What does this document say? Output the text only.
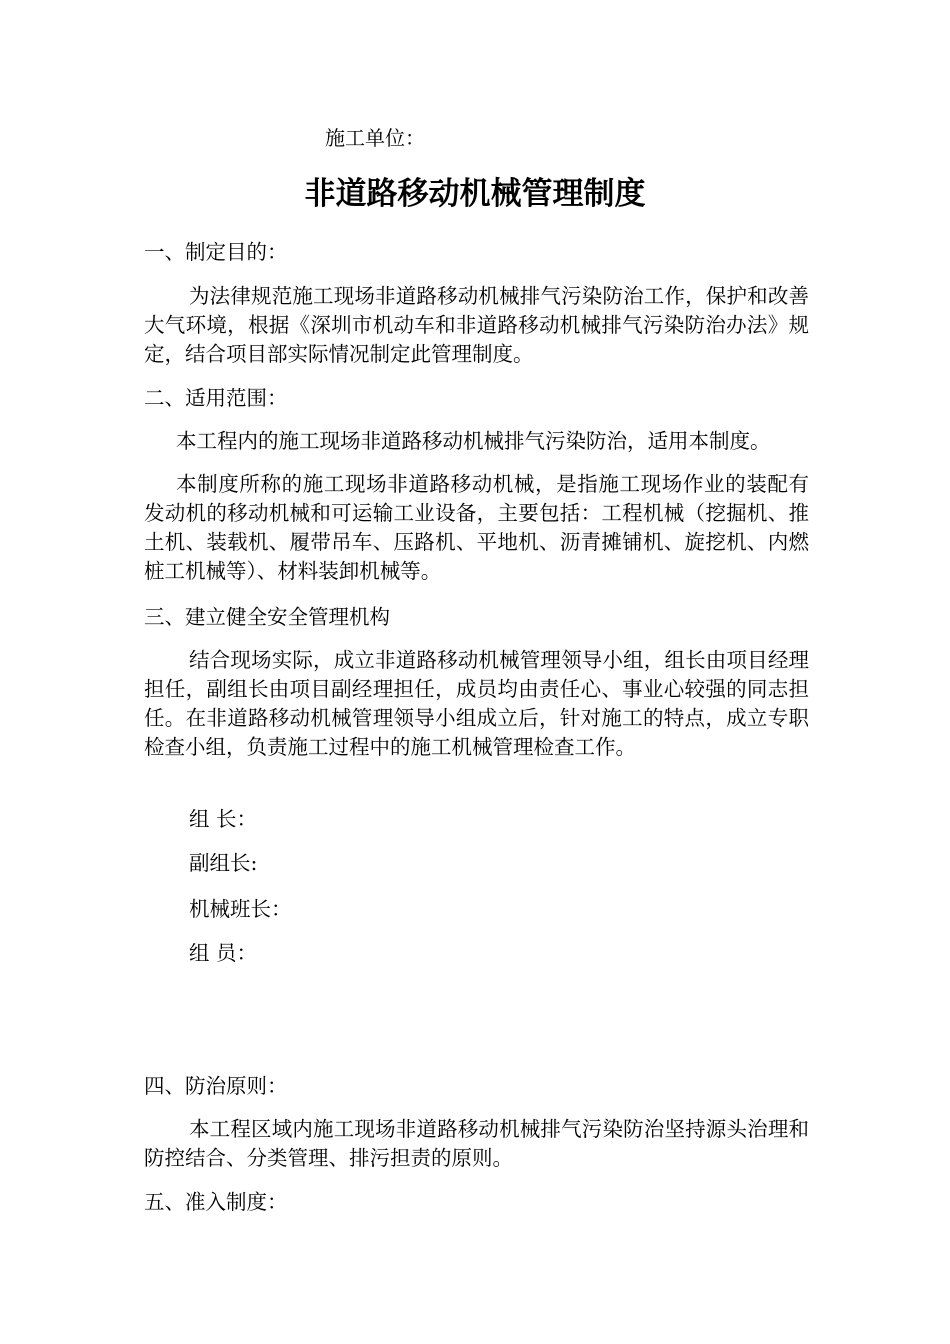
施工单位：
非道路移动机械管理制度
一、制定目的：
为法律规范施工现场非道路移动机械排气污染防治工作，保护和改善大气环境，根据《深圳市机动车和非道路移动机械排气污染防治办法》规定，结合项目部实际情况制定此管理制度。
二、适用范围：
本工程内的施工现场非道路移动机械排气污染防治，适用本制度。
本制度所称的施工现场非道路移动机械，是指施工现场作业的装配有发动机的移动机械和可运输工业设备，主要包括：工程机械（挖掘机、推土机、装载机、履带吊车、压路机、平地机、沥青摊铺机、旋挖机、内燃桩工机械等）、材料装卸机械等。
三、建立健全安全管理机构
结合现场实际，成立非道路移动机械管理领导小组，组长由项目经理担任，副组长由项目副经理担任，成员均由责任心、事业心较强的同志担任。在非道路移动机械管理领导小组成立后，针对施工的特点，成立专职检查小组，负责施工过程中的施工机械管理检查工作。
组 长：
副组长:
机械班长：
组 员：
四、防治原则：
本工程区域内施工现场非道路移动机械排气污染防治坚持源头治理和防控结合、分类管理、排污担责的原则。
五、准入制度：
